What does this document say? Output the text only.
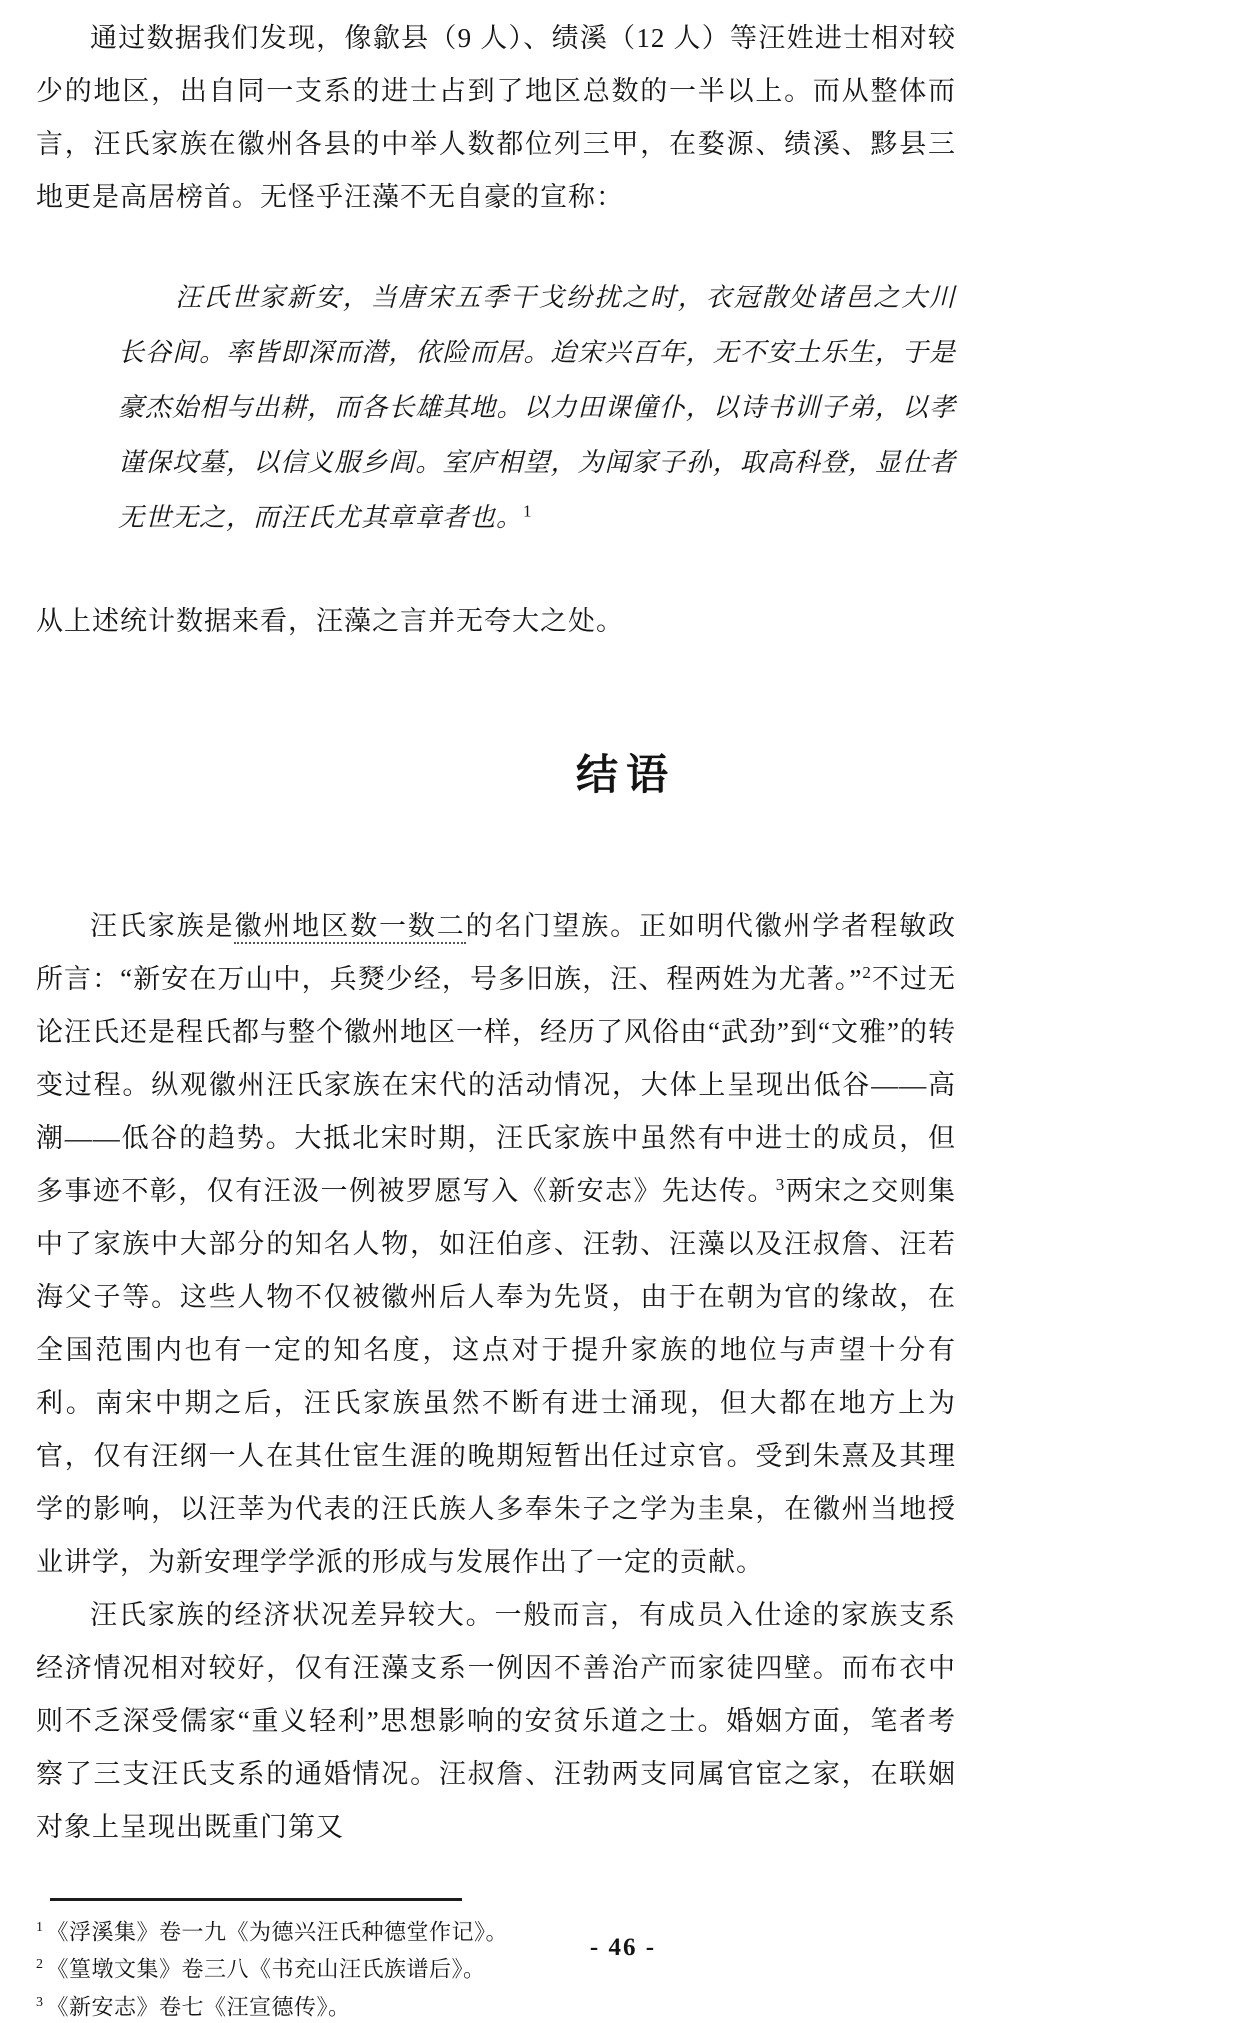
通过数据我们发现，像歙县（9 人）、绩溪（12 人）等汪姓进士相对较少的地区，出自同一支系的进士占到了地区总数的一半以上。而从整体而言，汪氏家族在徽州各县的中举人数都位列三甲，在婺源、绩溪、黟县三地更是高居榜首。无怪乎汪藻不无自豪的宣称：

汪氏世家新安，当唐宋五季干戈纷扰之时，衣冠散处诸邑之大川长谷间。率皆即深而潜，依险而居。迨宋兴百年，无不安土乐生，于是豪杰始相与出耕，而各长雄其地。以力田课僮仆，以诗书训子弟，以孝谨保坟墓，以信义服乡闾。室庐相望，为闻家子孙，取高科登，显仕者无世无之，而汪氏尤其章章者也。$^1$

从上述统计数据来看，汪藻之言并无夸大之处。

结语

汪氏家族是徽州地区数一数二的名门望族。正如明代徽州学者程敏政所言：“新安在万山中，兵燹少经，号多旧族，汪、程两姓为尤著。”$^2$不过无论汪氏还是程氏都与整个徽州地区一样，经历了风俗由“武劲”到“文雅”的转变过程。纵观徽州汪氏家族在宋代的活动情况，大体上呈现出低谷——高潮——低谷的趋势。大抵北宋时期，汪氏家族中虽然有中进士的成员，但多事迹不彰，仅有汪汲一例被罗愿写入《新安志》先达传。$^3$两宋之交则集中了家族中大部分的知名人物，如汪伯彦、汪勃、汪藻以及汪叔詹、汪若海父子等。这些人物不仅被徽州后人奉为先贤，由于在朝为官的缘故，在全国范围内也有一定的知名度，这点对于提升家族的地位与声望十分有利。南宋中期之后，汪氏家族虽然不断有进士涌现，但大都在地方上为官，仅有汪纲一人在其仕宦生涯的晚期短暂出任过京官。受到朱熹及其理学的影响，以汪莘为代表的汪氏族人多奉朱子之学为圭臬，在徽州当地授业讲学，为新安理学学派的形成与发展作出了一定的贡献。

汪氏家族的经济状况差异较大。一般而言，有成员入仕途的家族支系经济情况相对较好，仅有汪藻支系一例因不善治产而家徒四壁。而布衣中则不乏深受儒家“重义轻利”思想影响的安贫乐道之士。婚姻方面，笔者考察了三支汪氏支系的通婚情况。汪叔詹、汪勃两支同属官宦之家，在联姻对象上呈现出既重门第又

$^1$ 《浮溪集》卷一九《为德兴汪氏种德堂作记》。

$^2$ 《篁墩文集》卷三八《书充山汪氏族谱后》。

$^3$ 《新安志》卷七《汪宣德传》。

- 46 -
